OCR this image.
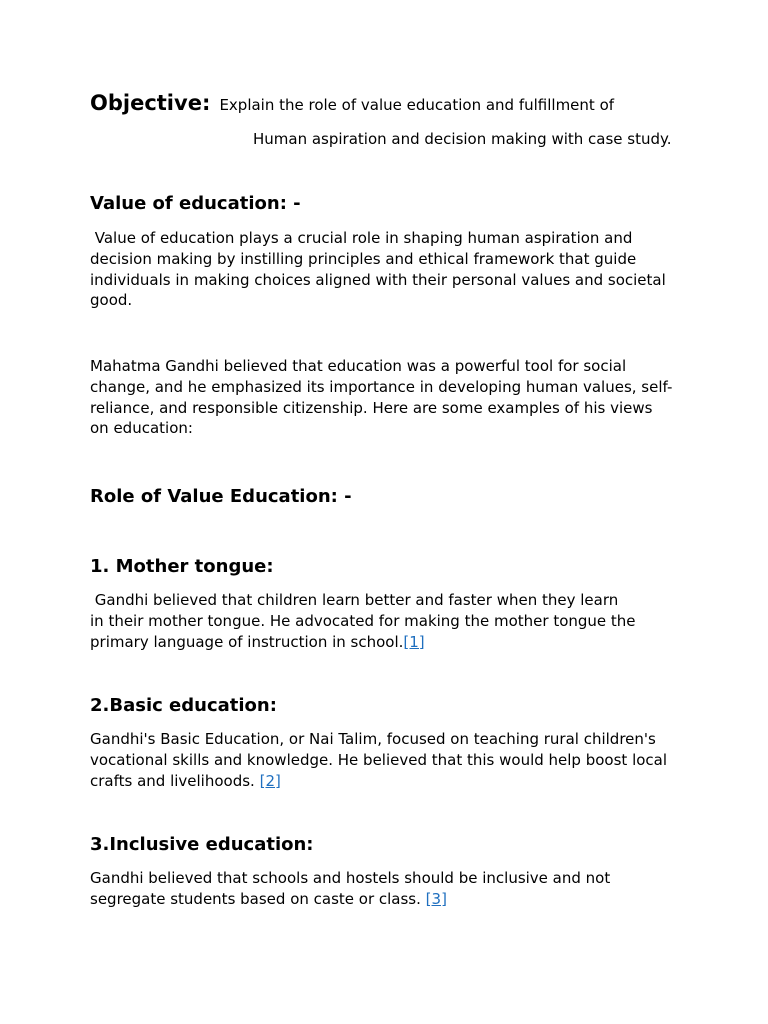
Objective: Explain the role of value education and fulfillment of
Human aspiration and decision making with case study.
Value of education: -
Value of education plays a crucial role in shaping human aspiration and
decision making by instilling principles and ethical framework that guide
individuals in making choices aligned with their personal values and societal
good.
Mahatma Gandhi believed that education was a powerful tool for social
change, and he emphasized its importance in developing human values, self-
reliance, and responsible citizenship. Here are some examples of his views
on education:
Role of Value Education: -
1. Mother tongue:
Gandhi believed that children learn better and faster when they learn
in their mother tongue. He advocated for making the mother tongue the
primary language of instruction in school.[1]
2.Basic education:
Gandhi's Basic Education, or Nai Talim, focused on teaching rural children's
vocational skills and knowledge. He believed that this would help boost local
crafts and livelihoods. [2]
3.Inclusive education:
Gandhi believed that schools and hostels should be inclusive and not
segregate students based on caste or class. [3]
